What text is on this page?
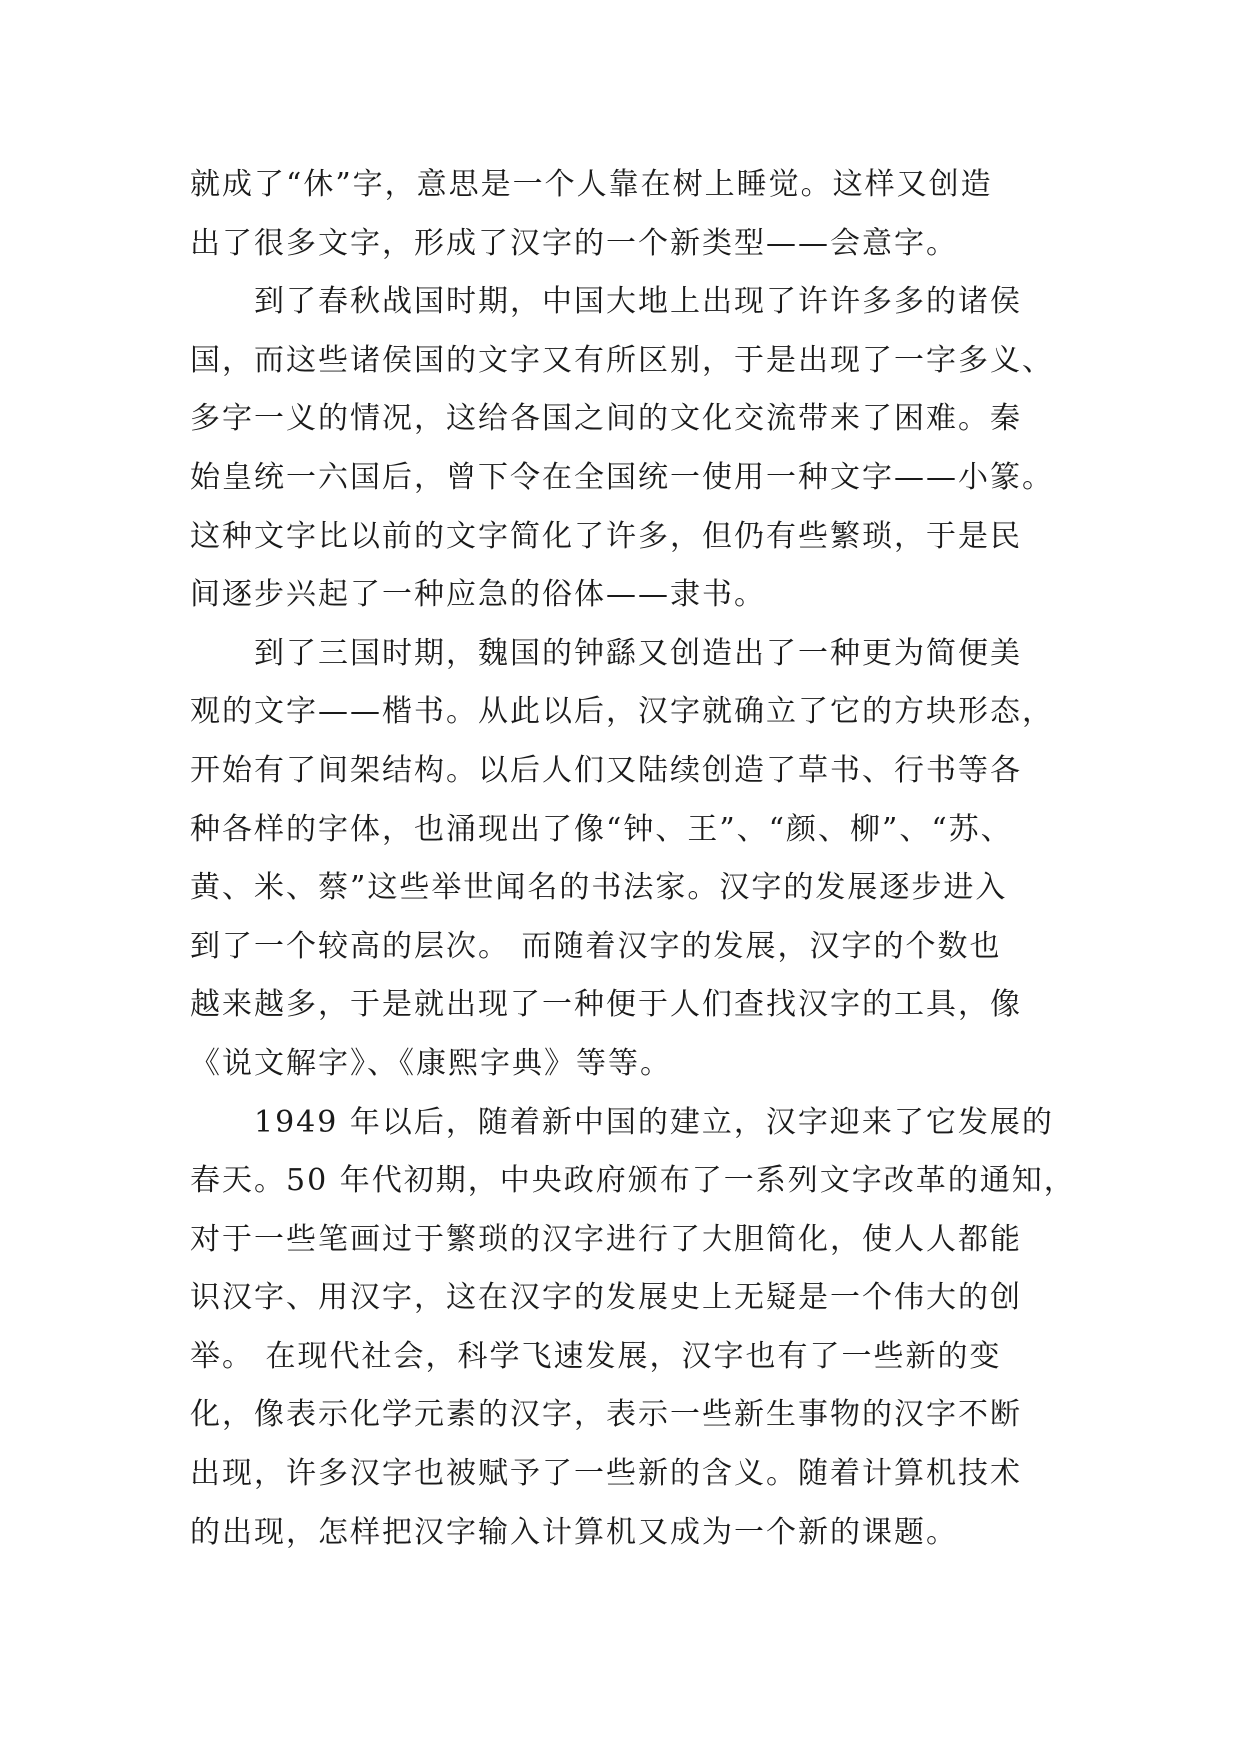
就成了“休”字，意思是一个人靠在树上睡觉。这样又创造
出了很多文字，形成了汉字的一个新类型——会意字。
到了春秋战国时期，中国大地上出现了许许多多的诸侯
国，而这些诸侯国的文字又有所区别，于是出现了一字多义、
多字一义的情况，这给各国之间的文化交流带来了困难。秦
始皇统一六国后，曾下令在全国统一使用一种文字——小篆。
这种文字比以前的文字简化了许多，但仍有些繁琐，于是民
间逐步兴起了一种应急的俗体——隶书。
到了三国时期，魏国的钟繇又创造出了一种更为简便美
观的文字——楷书。从此以后，汉字就确立了它的方块形态，
开始有了间架结构。以后人们又陆续创造了草书、行书等各
种各样的字体，也涌现出了像“钟、王”、“颜、柳”、“苏、
黄、米、蔡”这些举世闻名的书法家。汉字的发展逐步进入
到了一个较高的层次。 而随着汉字的发展，汉字的个数也
越来越多，于是就出现了一种便于人们查找汉字的工具，像
《说文解字》、《康熙字典》等等。
1949 年以后，随着新中国的建立，汉字迎来了它发展的
春天。50 年代初期，中央政府颁布了一系列文字改革的通知，
对于一些笔画过于繁琐的汉字进行了大胆简化，使人人都能
识汉字、用汉字，这在汉字的发展史上无疑是一个伟大的创
举。 在现代社会，科学飞速发展，汉字也有了一些新的变
化，像表示化学元素的汉字，表示一些新生事物的汉字不断
出现，许多汉字也被赋予了一些新的含义。随着计算机技术
的出现，怎样把汉字输入计算机又成为一个新的课题。
